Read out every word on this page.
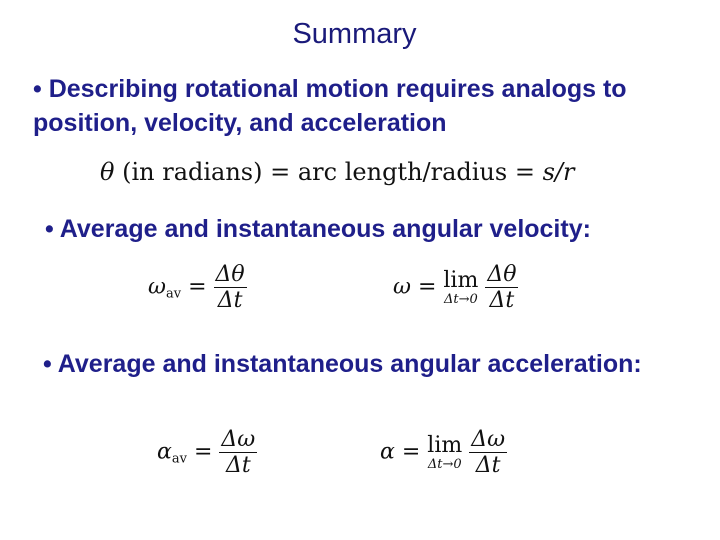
Summary
• Describing rotational motion requires analogs to position, velocity, and acceleration
θ (in radians) = arc length/radius = s/r
• Average and instantaneous angular velocity:
$\omega_{av} = \frac{\Delta\theta}{\Delta t}$	ω = lim
Δt→0
$\frac{\Delta\theta}{\Delta t}$
• Average and instantaneous angular acceleration:
$\alpha_{av} = \frac{\Delta\omega}{\Delta t}$	α = lim
Δt→0
$\frac{\Delta\omega}{\Delta t}$
